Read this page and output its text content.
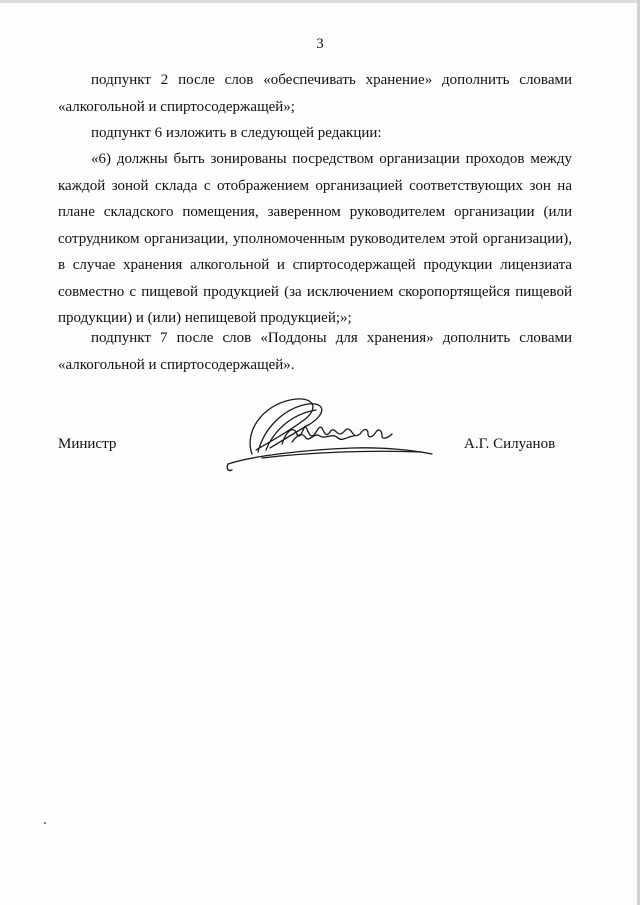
3

подпункт 2 после слов «обеспечивать хранение» дополнить словами «алкогольной и спиртосодержащей»;

подпункт 6 изложить в следующей редакции:

«6) должны быть зонированы посредством организации проходов между каждой зоной склада с отображением организацией соответствующих зон на плане складского помещения, заверенном руководителем организации (или сотрудником организации, уполномоченным руководителем этой организации), в случае хранения алкогольной и спиртосодержащей продукции лицензиата совместно с пищевой продукцией (за исключением скоропортящейся пищевой продукции) и (или) непищевой продукцией;»;

подпункт 7 после слов «Поддоны для хранения» дополнить словами «алкогольной и спиртосодержащей».

Министр	А.Г. Силуанов
